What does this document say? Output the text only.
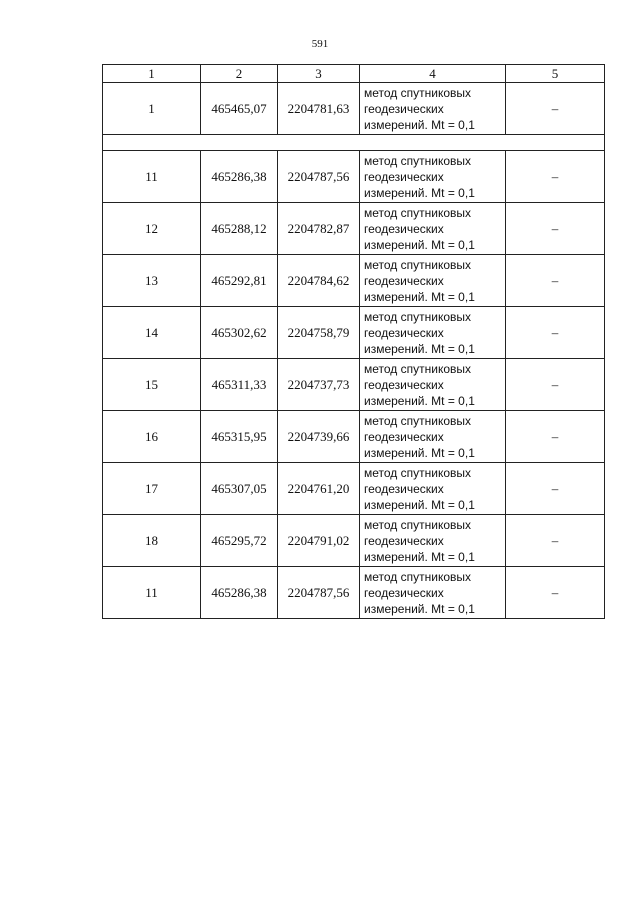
591
1	2	3	4	5
1	465465,07	2204781,63	метод спутниковых
геодезических
измерений. Mt = 0,1	–

11	465286,38	2204787,56	метод спутниковых
геодезических
измерений. Mt = 0,1	–
12	465288,12	2204782,87	метод спутниковых
геодезических
измерений. Mt = 0,1	–
13	465292,81	2204784,62	метод спутниковых
геодезических
измерений. Mt = 0,1	–
14	465302,62	2204758,79	метод спутниковых
геодезических
измерений. Mt = 0,1	–
15	465311,33	2204737,73	метод спутниковых
геодезических
измерений. Mt = 0,1	–
16	465315,95	2204739,66	метод спутниковых
геодезических
измерений. Mt = 0,1	–
17	465307,05	2204761,20	метод спутниковых
геодезических
измерений. Mt = 0,1	–
18	465295,72	2204791,02	метод спутниковых
геодезических
измерений. Mt = 0,1	–
11	465286,38	2204787,56	метод спутниковых
геодезических
измерений. Mt = 0,1	–
